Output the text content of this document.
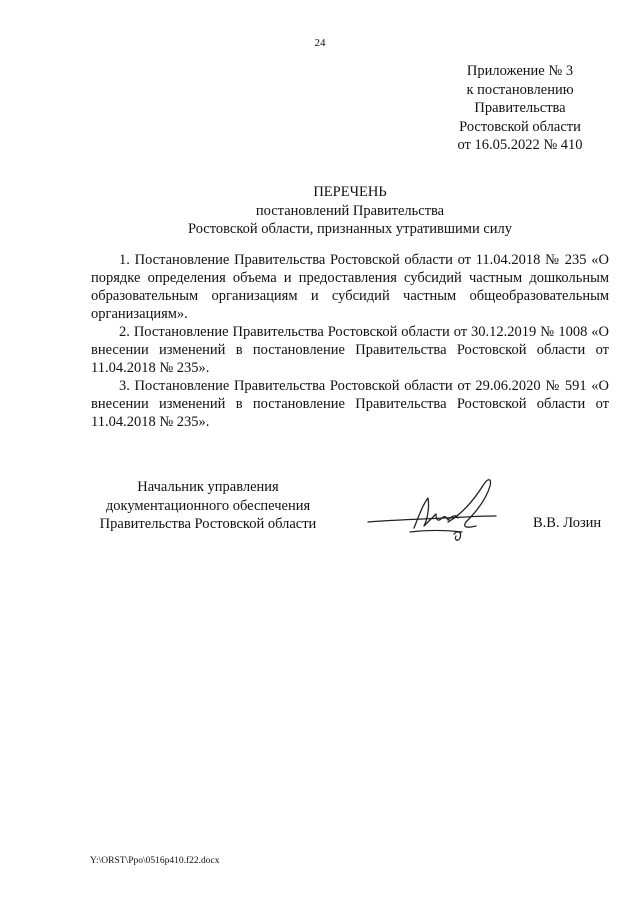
24
Приложение № 3
к постановлению
Правительства
Ростовской области
от 16.05.2022 № 410
ПЕРЕЧЕНЬ
постановлений Правительства
Ростовской области, признанных утратившими силу

1. Постановление Правительства Ростовской области от 11.04.2018 № 235 «О порядке определения объема и предоставления субсидий частным дошкольным образовательным организациям и субсидий частным общеобразовательным организациям».

2. Постановление Правительства Ростовской области от 30.12.2019 № 1008 «О внесении изменений в постановление Правительства Ростовской области от 11.04.2018 № 235».

3. Постановление Правительства Ростовской области от 29.06.2020 № 591 «О внесении изменений в постановление Правительства Ростовской области от 11.04.2018 № 235».

Начальник управления
документационного обеспечения
Правительства Ростовской области	В.В. Лозин
Y:\ORST\Ppo\0516p410.f22.docx
